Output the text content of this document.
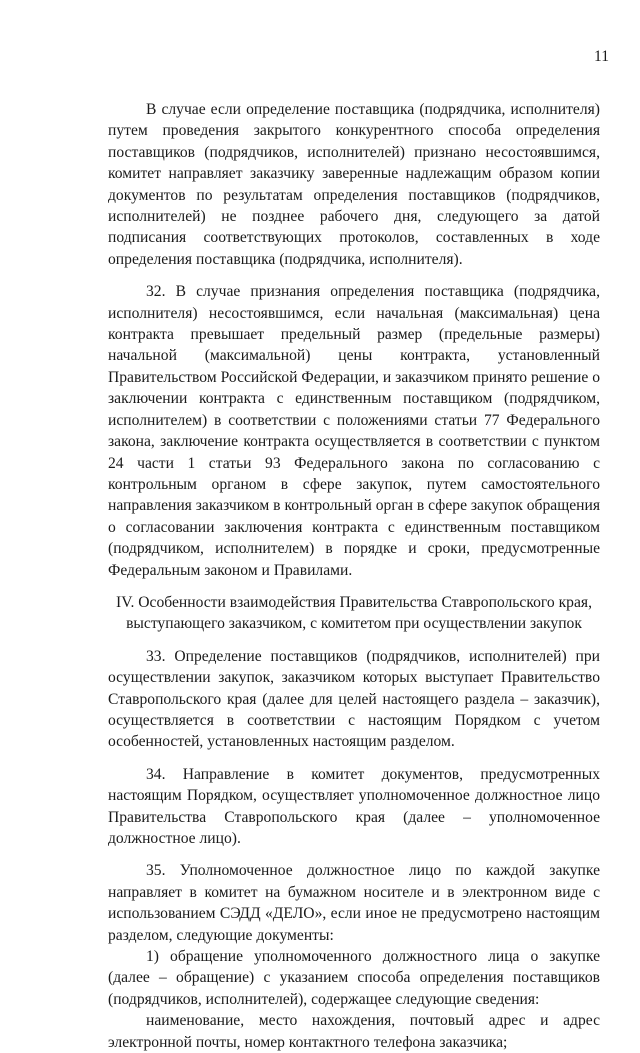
11

В случае если определение поставщика (подрядчика, исполнителя) путем проведения закрытого конкурентного способа определения поставщиков (подрядчиков, исполнителей) признано несостоявшимся, комитет направляет заказчику заверенные надлежащим образом копии документов по результатам определения поставщиков (подрядчиков, исполнителей) не позднее рабочего дня, следующего за датой подписания соответствующих протоколов, составленных в ходе определения поставщика (подрядчика, исполнителя).

32. В случае признания определения поставщика (подрядчика, исполнителя) несостоявшимся, если начальная (максимальная) цена контракта превышает предельный размер (предельные размеры) начальной (максимальной) цены контракта, установленный Правительством Российской Федерации, и заказчиком принято решение о заключении контракта с единственным поставщиком (подрядчиком, исполнителем) в соответствии с положениями статьи 77 Федерального закона, заключение контракта осуществляется в соответствии с пунктом 24 части 1 статьи 93 Федерального закона по согласованию с контрольным органом в сфере закупок, путем самостоятельного направления заказчиком в контрольный орган в сфере закупок обращения о согласовании заключения контракта с единственным поставщиком (подрядчиком, исполнителем) в порядке и сроки, предусмотренные Федеральным законом и Правилами.

IV. Особенности взаимодействия Правительства Ставропольского края,

выступающего заказчиком, с комитетом при осуществлении закупок

33. Определение поставщиков (подрядчиков, исполнителей) при осуществлении закупок, заказчиком которых выступает Правительство Ставропольского края (далее для целей настоящего раздела – заказчик), осуществляется в соответствии с настоящим Порядком с учетом особенностей, установленных настоящим разделом.

34. Направление в комитет документов, предусмотренных настоящим Порядком, осуществляет уполномоченное должностное лицо Правительства Ставропольского края (далее – уполномоченное должностное лицо).

35. Уполномоченное должностное лицо по каждой закупке направляет в комитет на бумажном носителе и в электронном виде с использованием СЭДД «ДЕЛО», если иное не предусмотрено настоящим разделом, следующие документы:

1) обращение уполномоченного должностного лица о закупке (далее – обращение) с указанием способа определения поставщиков (подрядчиков, исполнителей), содержащее следующие сведения:

наименование, место нахождения, почтовый адрес и адрес электронной почты, номер контактного телефона заказчика;
